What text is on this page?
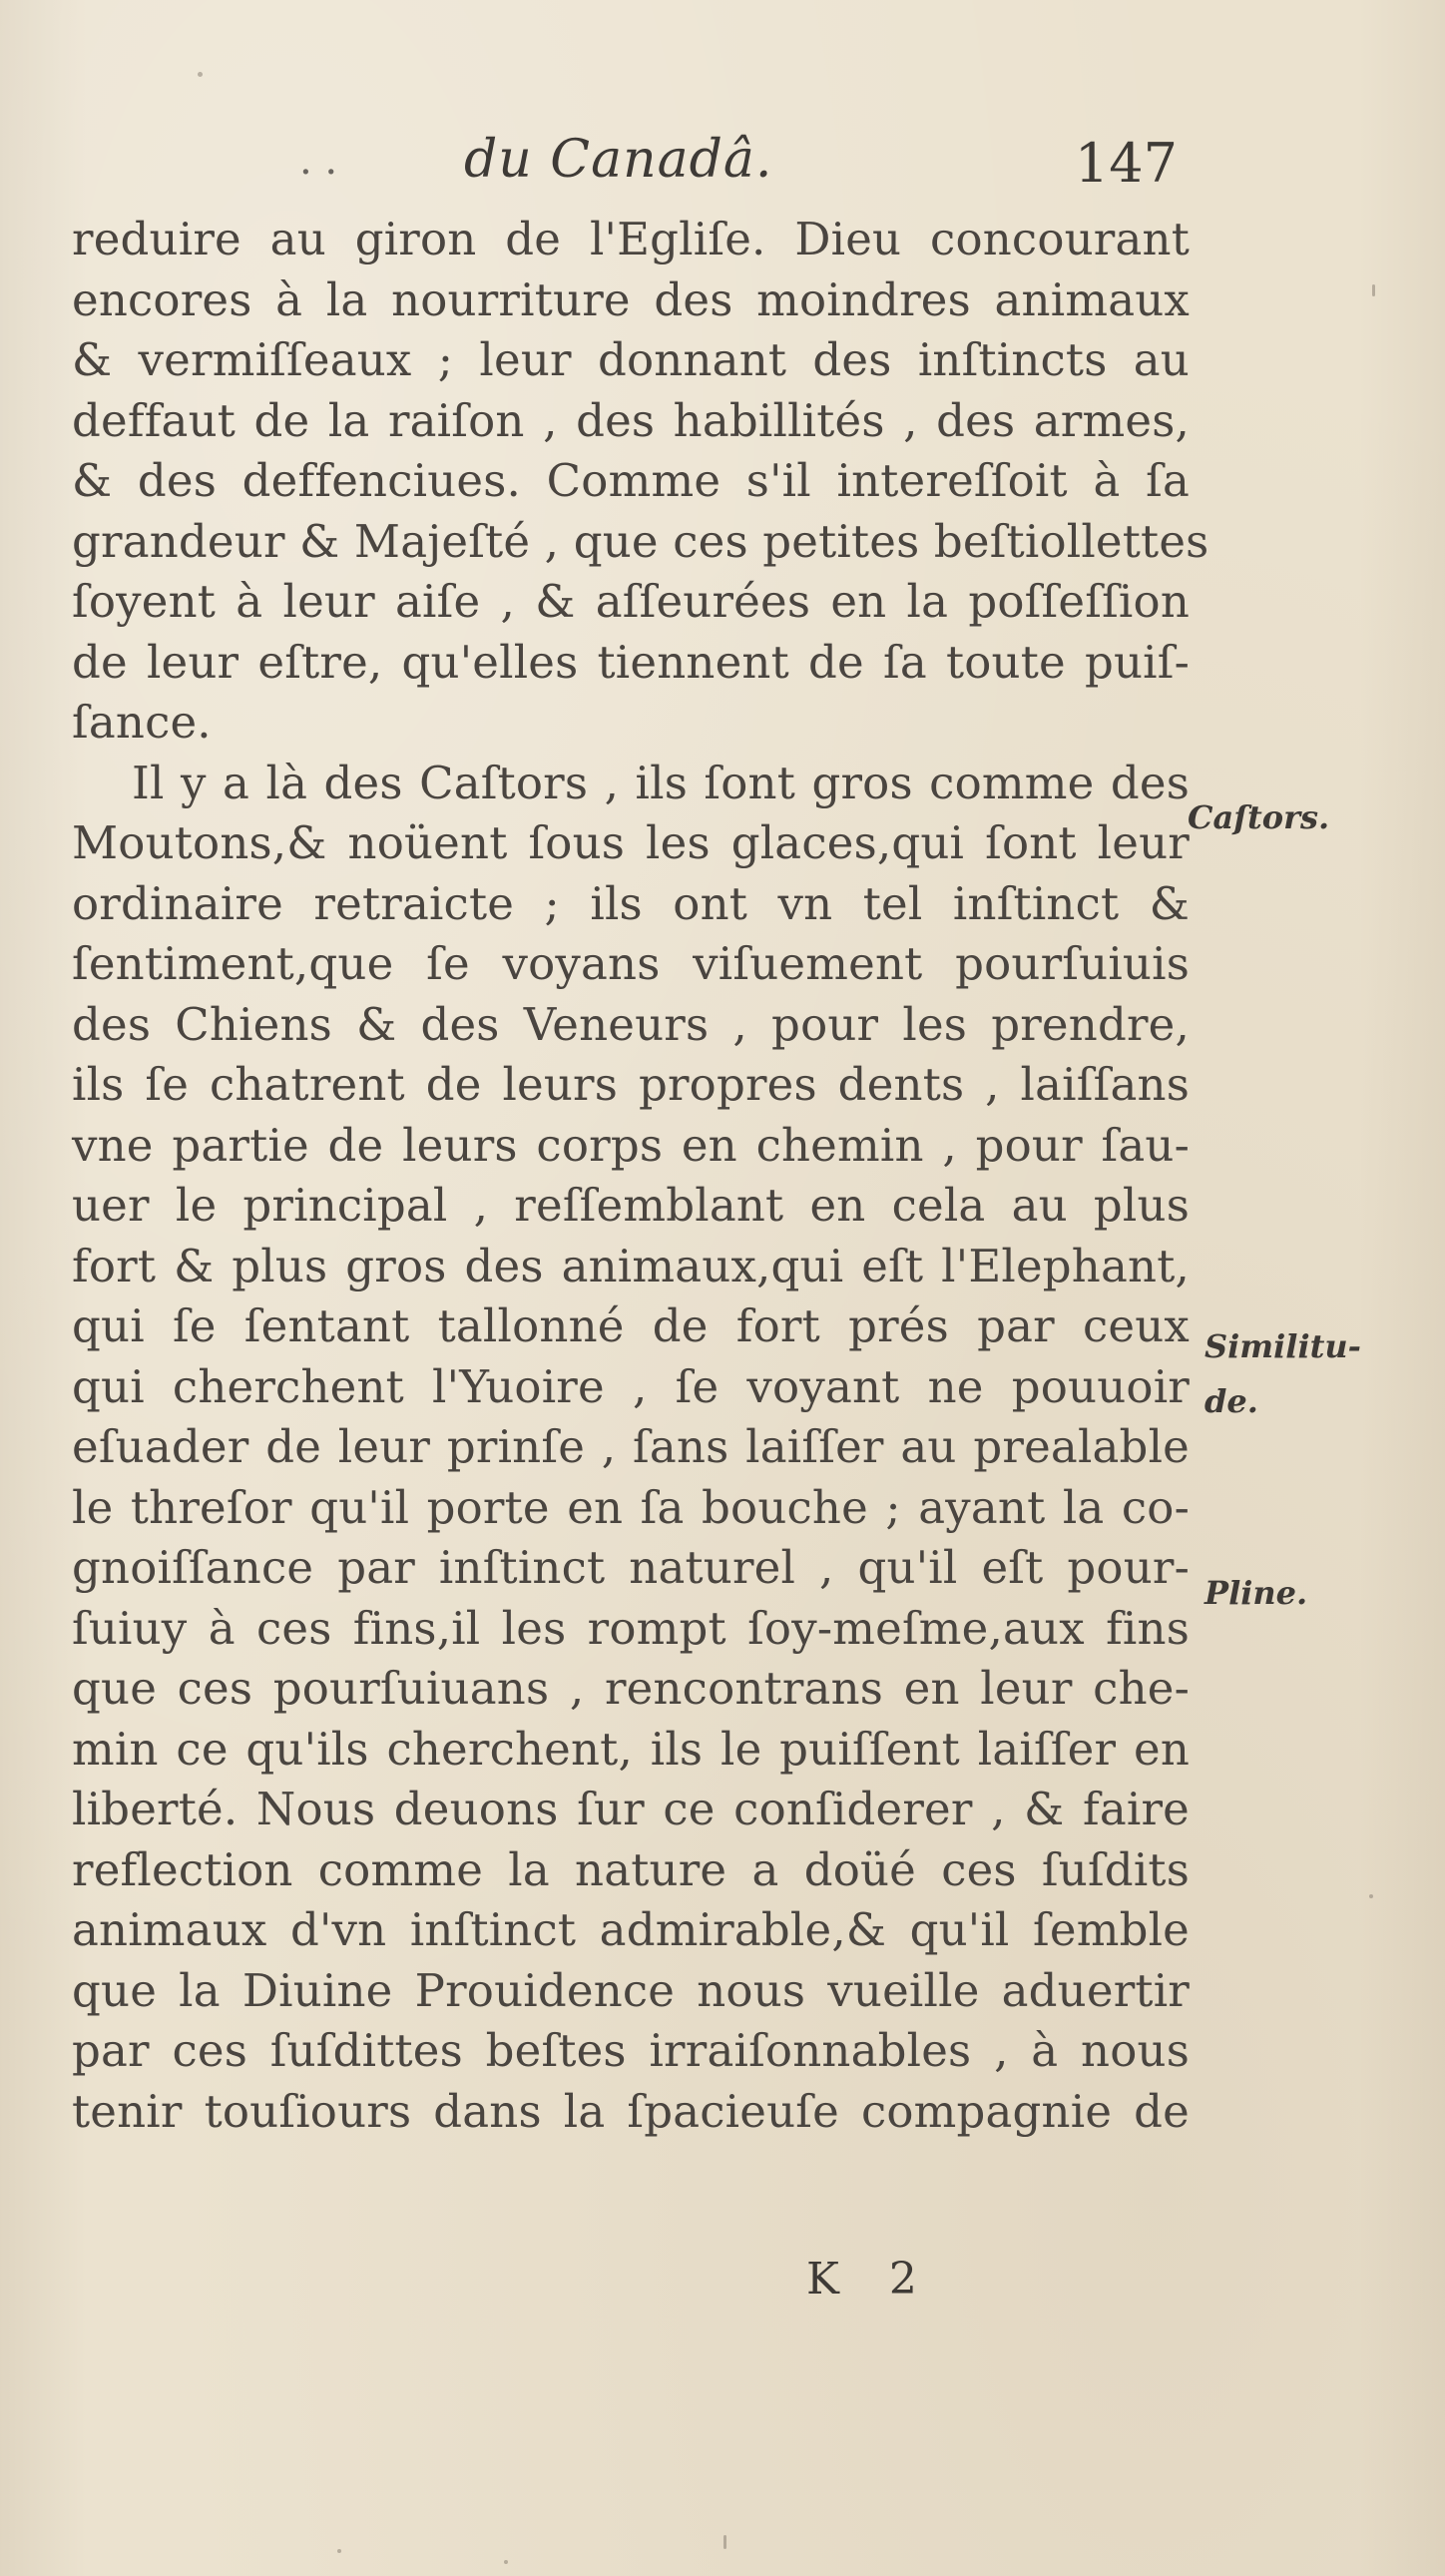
. . du Canadâ.	147
reduire au giron de l'Egliſe. Dieu concourant
encores à la nourriture des moindres animaux
& vermiſſeaux ; leur donnant des inſtincts au
deffaut de la raiſon , des habillités , des armes,
& des deffenciues. Comme s'il intereſſoit à ſa
grandeur & Majeſté , que ces petites beſtiollettes
ſoyent à leur aiſe , & aſſeurées en la poſſeſſion
de leur eſtre, qu'elles tiennent de ſa toute puiſ-
ſance.
Il y a là des Caſtors , ils ſont gros comme des
Moutons,& noüent ſous les glaces,qui ſont leur
ordinaire retraicte ; ils ont vn tel inſtinct &
ſentiment,que ſe voyans viſuement pourſuiuis
des Chiens & des Veneurs , pour les prendre,
ils ſe chatrent de leurs propres dents , laiſſans
vne partie de leurs corps en chemin , pour ſau-
uer le principal , reſſemblant en cela au plus
fort & plus gros des animaux,qui eſt l'Elephant,
qui ſe ſentant tallonné de fort prés par ceux
qui cherchent l'Yuoire , ſe voyant ne pouuoir
eſuader de leur prinſe , ſans laiſſer au prealable
le threſor qu'il porte en ſa bouche ; ayant la co-
gnoiſſance par inſtinct naturel , qu'il eſt pour-
ſuiuy à ces fins,il les rompt ſoy-meſme,aux fins
que ces pourſuiuans , rencontrans en leur che-
min ce qu'ils cherchent, ils le puiſſent laiſſer en
liberté. Nous deuons ſur ce conſiderer , & faire
reflection comme la nature a doüé ces ſuſdits
animaux d'vn inſtinct admirable,& qu'il ſemble
que la Diuine Prouidence nous vueille aduertir
par ces ſuſdittes beſtes irraiſonnables , à nous
tenir touſiours dans la ſpacieuſe compagnie de
Caſtors.
Similitu-
de.
Pline.
K 2
